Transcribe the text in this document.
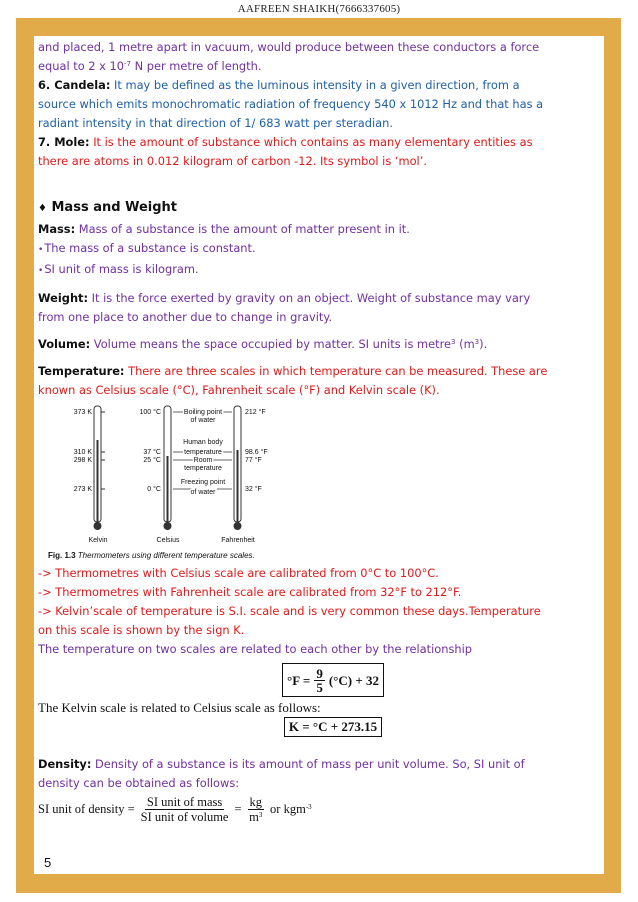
AAFREEN SHAIKH(7666337605)

and placed, 1 metre apart in vacuum, would produce between these conductors a force equal to 2 x $10^{-7}$ N per metre of length.

6. Candela: It may be defined as the luminous intensity in a given direction, from a source which emits monochromatic radiation of frequency 540 x 1012 Hz and that has a radiant intensity in that direction of 1/ 683 watt per steradian.

7. Mole: It is the amount of substance which contains as many elementary entities as there are atoms in 0.012 kilogram of carbon -12. Its symbol is ‘mol’.

♦ Mass and Weight

Mass: Mass of a substance is the amount of matter present in it.

•The mass of a substance is constant.

•SI unit of mass is kilogram.

Weight: It is the force exerted by gravity on an object. Weight of substance may vary from one place to another due to change in gravity.

Volume: Volume means the space occupied by matter. SI units is metre$^3$ $(m^3)$.

Temperature: There are three scales in which temperature can be measured. These are known as Celsius scale (°C), Fahrenheit scale (°F) and Kelvin scale (K).

373 K
310 K
298 K
273 K
Kelvin
100 °C
37 °C
25 °C
0 °C
Celsius
212 °F
98.6 °F
77 °F
32 °F
Fahrenheit
Boiling point
of water
Human body
temperature
Room
temperature
Freezing point
of water
Fig. 1.3 Thermometers using different temperature scales.

-> Thermometres with Celsius scale are calibrated from 0°C to 100°C.

-> Thermometres with Fahrenheit scale are calibrated from 32°F to 212°F.

-> Kelvin’scale of temperature is S.I. scale and is very common these days.Temperature on this scale is shown by the sign K.

The temperature on two scales are related to each other by the relationship

$^\circ F = \frac{9}{5} (^\circ C) + 32$

The Kelvin scale is related to Celsius scale as follows:

K = °C + 273.15

Density: Density of a substance is its amount of mass per unit volume. So, SI unit of density can be obtained as follows:

SI unit of density = SI unit of mass
SI unit of volume
= $\frac{kg}{m^3}$ or kgm$^{-3}$
5
